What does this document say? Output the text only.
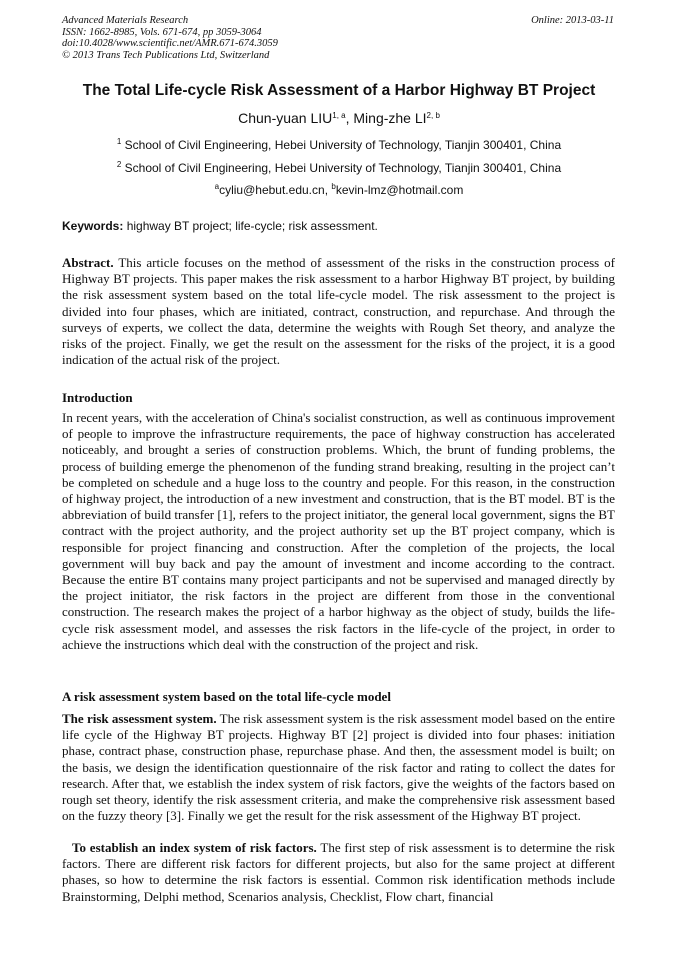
Advanced Materials Research
ISSN: 1662-8985, Vols. 671-674, pp 3059-3064
doi:10.4028/www.scientific.net/AMR.671-674.3059
© 2013 Trans Tech Publications Ltd, Switzerland
Online: 2013-03-11
The Total Life-cycle Risk Assessment of a Harbor Highway BT Project
Chun-yuan LIU$^{1, a}$, Ming-zhe LI$^{2, b}$
$^1$ School of Civil Engineering, Hebei University of Technology, Tianjin 300401, China
$^2$ School of Civil Engineering, Hebei University of Technology, Tianjin 300401, China
$^a$cyliu@hebut.edu.cn, $^b$kevin-lmz@hotmail.com
Keywords: highway BT project; life-cycle; risk assessment.
Abstract. This article focuses on the method of assessment of the risks in the construction process of Highway BT projects. This paper makes the risk assessment to a harbor Highway BT project, by building the risk assessment system based on the total life-cycle model. The risk assessment to the project is divided into four phases, which are initiated, contract, construction, and repurchase. And through the surveys of experts, we collect the data, determine the weights with Rough Set theory, and analyze the risks of the project. Finally, we get the result on the assessment for the risks of the project, it is a good indication of the actual risk of the project.
Introduction
In recent years, with the acceleration of China's socialist construction, as well as continuous improvement of people to improve the infrastructure requirements, the pace of highway construction has accelerated noticeably, and brought a series of construction problems. Which, the brunt of funding problems, the process of building emerge the phenomenon of the funding strand breaking, resulting in the project can’t be completed on schedule and a huge loss to the country and people. For this reason, in the construction of highway project, the introduction of a new investment and construction, that is the BT model. BT is the abbreviation of build transfer [1], refers to the project initiator, the general local government, signs the BT contract with the project authority, and the project authority set up the BT project company, which is responsible for project financing and construction. After the completion of the projects, the local government will buy back and pay the amount of investment and income according to the contract. Because the entire BT contains many project participants and not be supervised and managed directly by the project initiator, the risk factors in the project are different from those in the conventional construction. The research makes the project of a harbor highway as the object of study, builds the life-cycle risk assessment model, and assesses the risk factors in the life-cycle of the project, in order to achieve the instructions which deal with the construction of the project and risk.
A risk assessment system based on the total life-cycle model
The risk assessment system. The risk assessment system is the risk assessment model based on the entire life cycle of the Highway BT projects. Highway BT [2] project is divided into four phases: initiation phase, contract phase, construction phase, repurchase phase. And then, the assessment model is built; on the basis, we design the identification questionnaire of the risk factor and rating to collect the dates for research. After that, we establish the index system of risk factors, give the weights of the factors based on rough set theory, identify the risk assessment criteria, and make the comprehensive risk assessment based on the fuzzy theory [3]. Finally we get the result for the risk assessment of the Highway BT project.
To establish an index system of risk factors. The first step of risk assessment is to determine the risk factors. There are different risk factors for different projects, but also for the same project at different phases, so how to determine the risk factors is essential. Common risk identification methods include Brainstorming, Delphi method, Scenarios analysis, Checklist, Flow chart, financial
